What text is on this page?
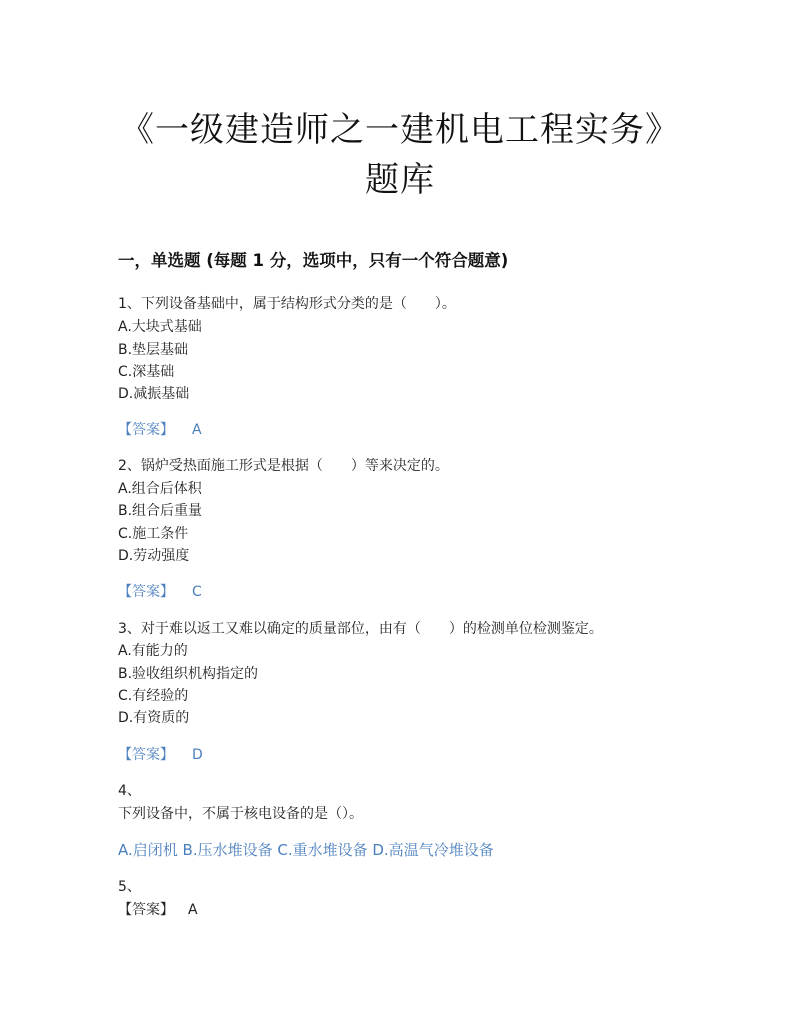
《一级建造师之一建机电工程实务》
题库
一，单选题 (每题 1 分，选项中，只有一个符合题意)
1、下列设备基础中，属于结构形式分类的是（　　）。
A.大块式基础
B.垫层基础
C.深基础
D.减振基础
【答案】 A
2、锅炉受热面施工形式是根据（　　）等来决定的。
A.组合后体积
B.组合后重量
C.施工条件
D.劳动强度
【答案】 C
3、对于难以返工又难以确定的质量部位，由有（　　）的检测单位检测鉴定。
A.有能力的
B.验收组织机构指定的
C.有经验的
D.有资质的
【答案】 D
4、
下列设备中，不属于核电设备的是（）。
A.启闭机 B.压水堆设备 C.重水堆设备 D.高温气冷堆设备
5、
【答案】 A
